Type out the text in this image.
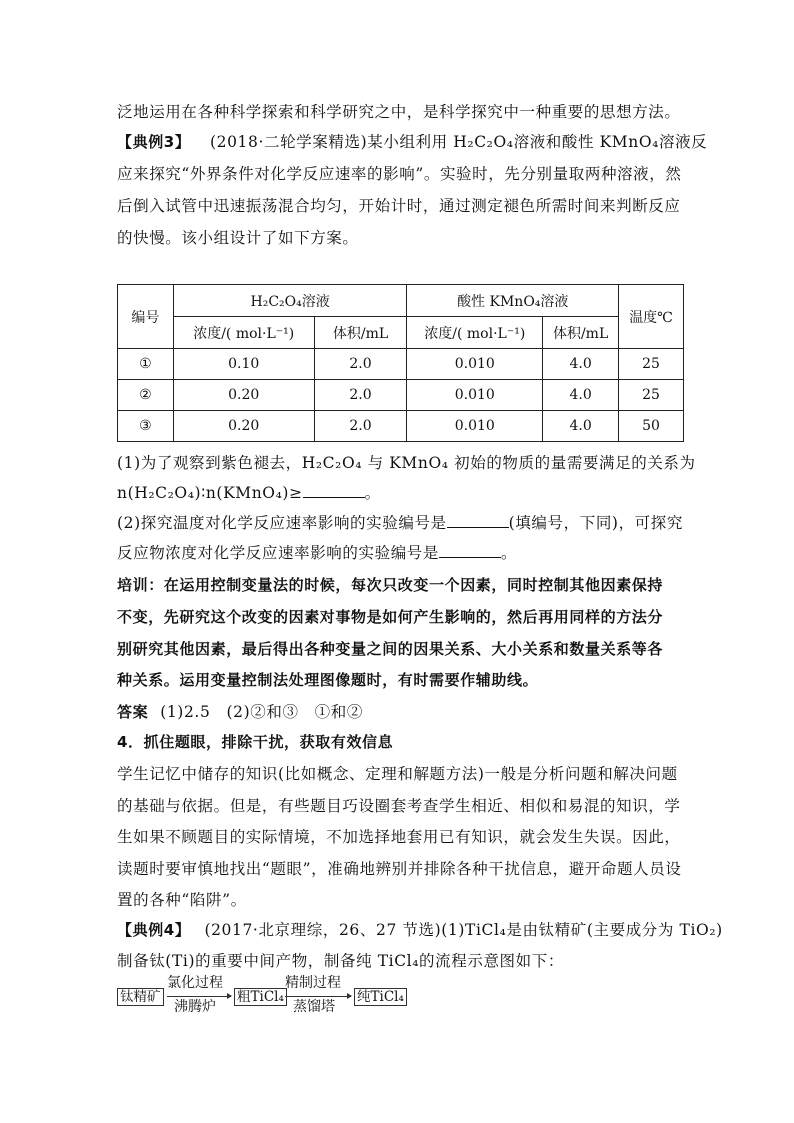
泛地运用在各种科学探索和科学研究之中，是科学探究中一种重要的思想方法。
【典例3】 (2018·二轮学案精选)某小组利用 H₂C₂O₄溶液和酸性 KMnO₄溶液反
应来探究“外界条件对化学反应速率的影响”。实验时，先分别量取两种溶液，然
后倒入试管中迅速振荡混合均匀，开始计时，通过测定褪色所需时间来判断反应
的快慢。该小组设计了如下方案。
编号	H₂C₂O₄溶液		酸性 KMnO₄溶液		温度℃
	浓度/( mol·L⁻¹)	体积/mL	浓度/( mol·L⁻¹)	体积/mL	
①	0.10	2.0	0.010	4.0	25
②	0.20	2.0	0.010	4.0	25
③	0.20	2.0	0.010	4.0	50
(1)为了观察到紫色褪去，H₂C₂O₄ 与 KMnO₄ 初始的物质的量需要满足的关系为
n(H₂C₂O₄)∶n(KMnO₄)≥	。
(2)探究温度对化学反应速率影响的实验编号是	(填编号，下同)，可探究
反应物浓度对化学反应速率影响的实验编号是	。
培训：在运用控制变量法的时候，每次只改变一个因素，同时控制其他因素保持
不变，先研究这个改变的因素对事物是如何产生影响的，然后再用同样的方法分
别研究其他因素，最后得出各种变量之间的因果关系、大小关系和数量关系等各
种关系。运用变量控制法处理图像题时，有时需要作辅助线。
答案 (1)2.5　(2)②和③　①和②
4．抓住题眼，排除干扰，获取有效信息
学生记忆中储存的知识(比如概念、定理和解题方法)一般是分析问题和解决问题
的基础与依据。但是，有些题目巧设圈套考查学生相近、相似和易混的知识，学
生如果不顾题目的实际情境，不加选择地套用已有知识，就会发生失误。因此，
读题时要审慎地找出“题眼”，准确地辨别并排除各种干扰信息，避开命题人员设
置的各种“陷阱”。
【典例4】 (2017·北京理综，26、27 节选)(1)TiCl₄是由钛精矿(主要成分为 TiO₂)
制备钛(Ti)的重要中间产物，制备纯 TiCl₄的流程示意图如下：
钛精矿
氯化过程
沸腾炉
粗TiCl₄
精制过程
蒸馏塔
纯TiCl₄
